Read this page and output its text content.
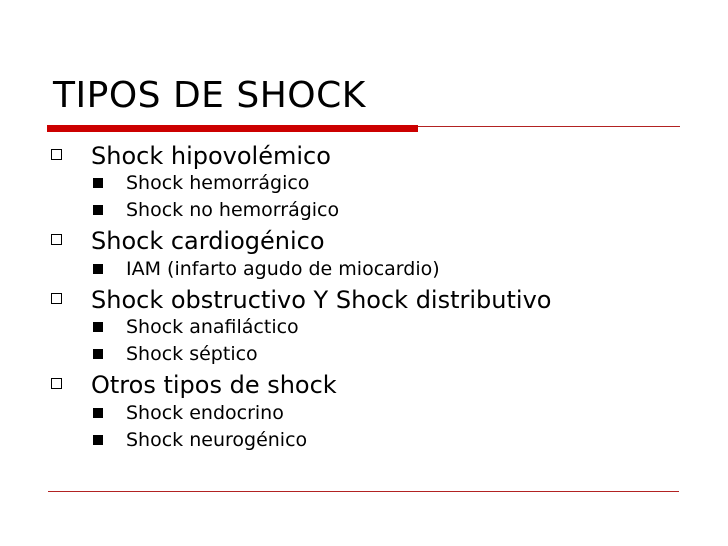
TIPOS DE SHOCK
Shock hipovolémico
Shock hemorrágico
Shock no hemorrágico
Shock cardiogénico
IAM (infarto agudo de miocardio)
Shock obstructivo Y Shock distributivo
Shock anafiláctico
Shock séptico
Otros tipos de shock
Shock endocrino
Shock neurogénico
